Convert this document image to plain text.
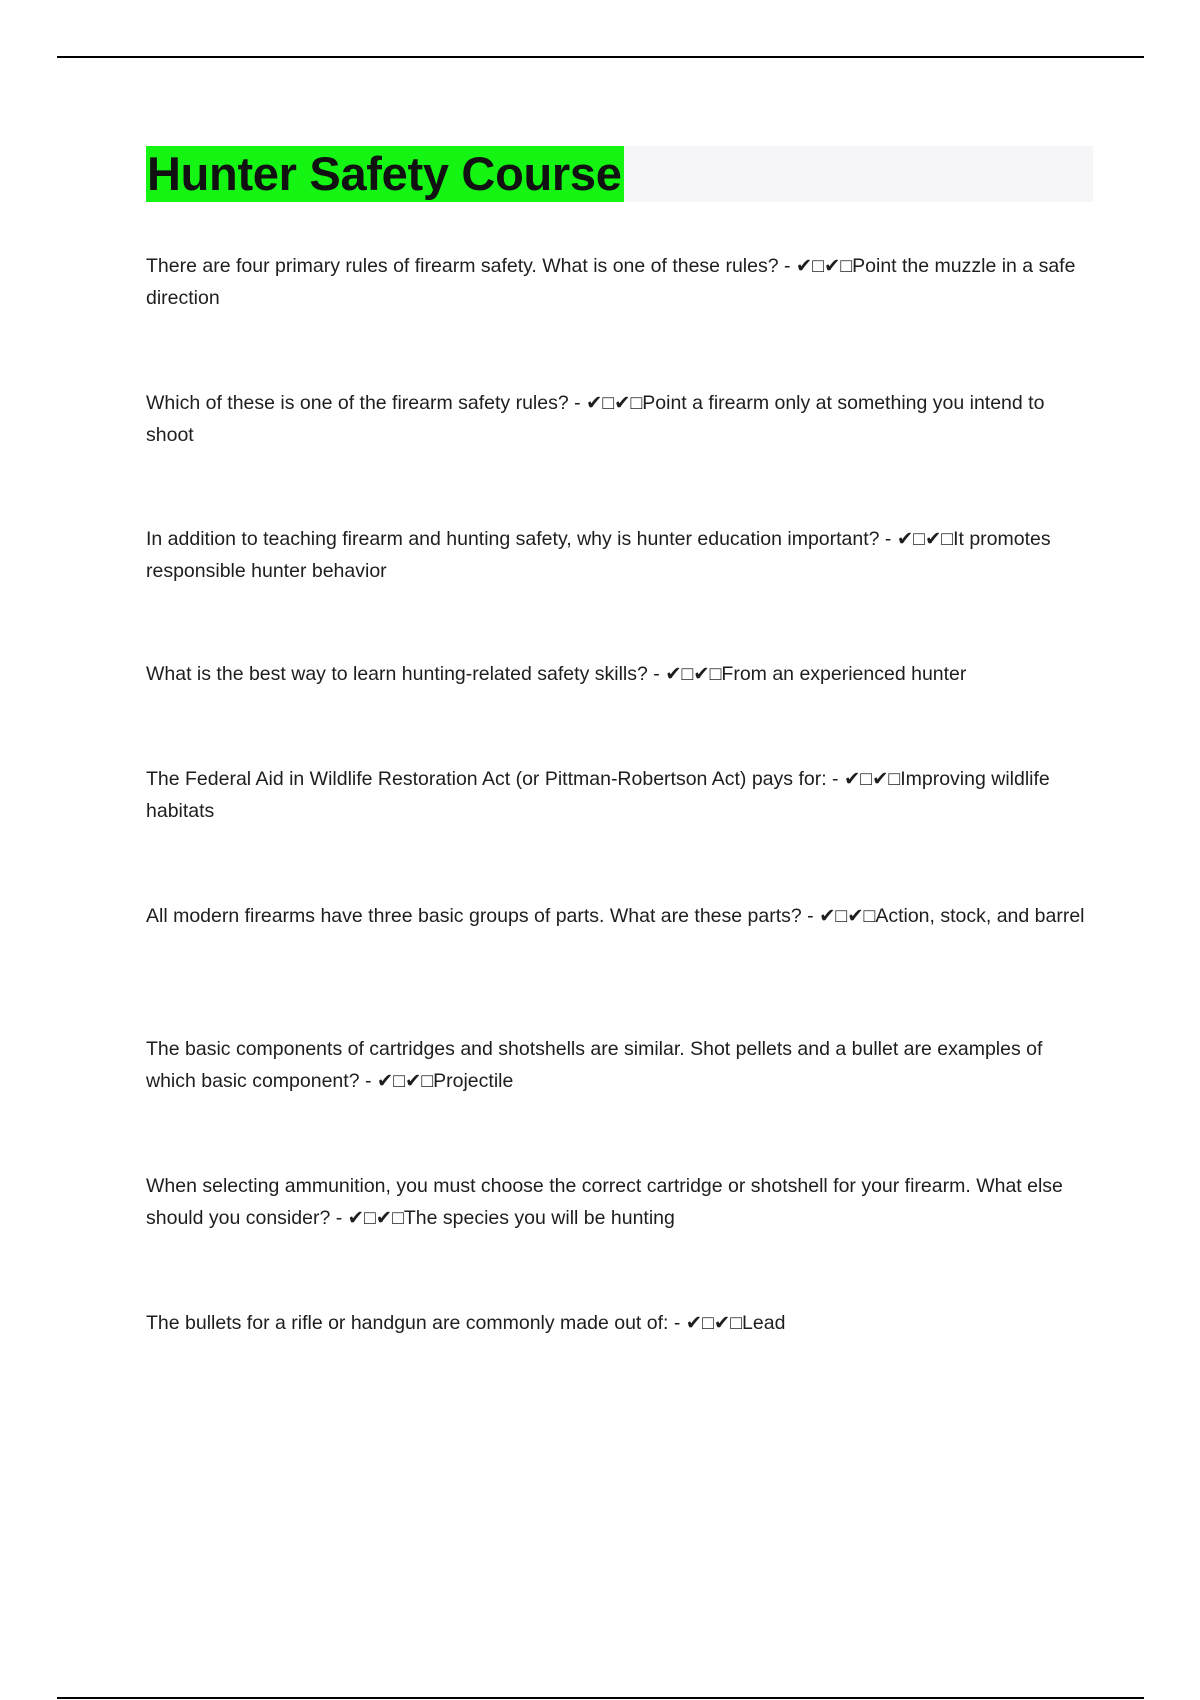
Hunter Safety Course

There are four primary rules of firearm safety. What is one of these rules? - ✔□✔□Point the muzzle in a safe direction

Which of these is one of the firearm safety rules? - ✔□✔□Point a firearm only at something you intend to shoot

In addition to teaching firearm and hunting safety, why is hunter education important? - ✔□✔□It promotes responsible hunter behavior

What is the best way to learn hunting-related safety skills? - ✔□✔□From an experienced hunter

The Federal Aid in Wildlife Restoration Act (or Pittman-Robertson Act) pays for: - ✔□✔□Improving wildlife habitats

All modern firearms have three basic groups of parts. What are these parts? - ✔□✔□Action, stock, and barrel

The basic components of cartridges and shotshells are similar. Shot pellets and a bullet are examples of which basic component? - ✔□✔□Projectile

When selecting ammunition, you must choose the correct cartridge or shotshell for your firearm. What else should you consider? - ✔□✔□The species you will be hunting

The bullets for a rifle or handgun are commonly made out of: - ✔□✔□Lead
